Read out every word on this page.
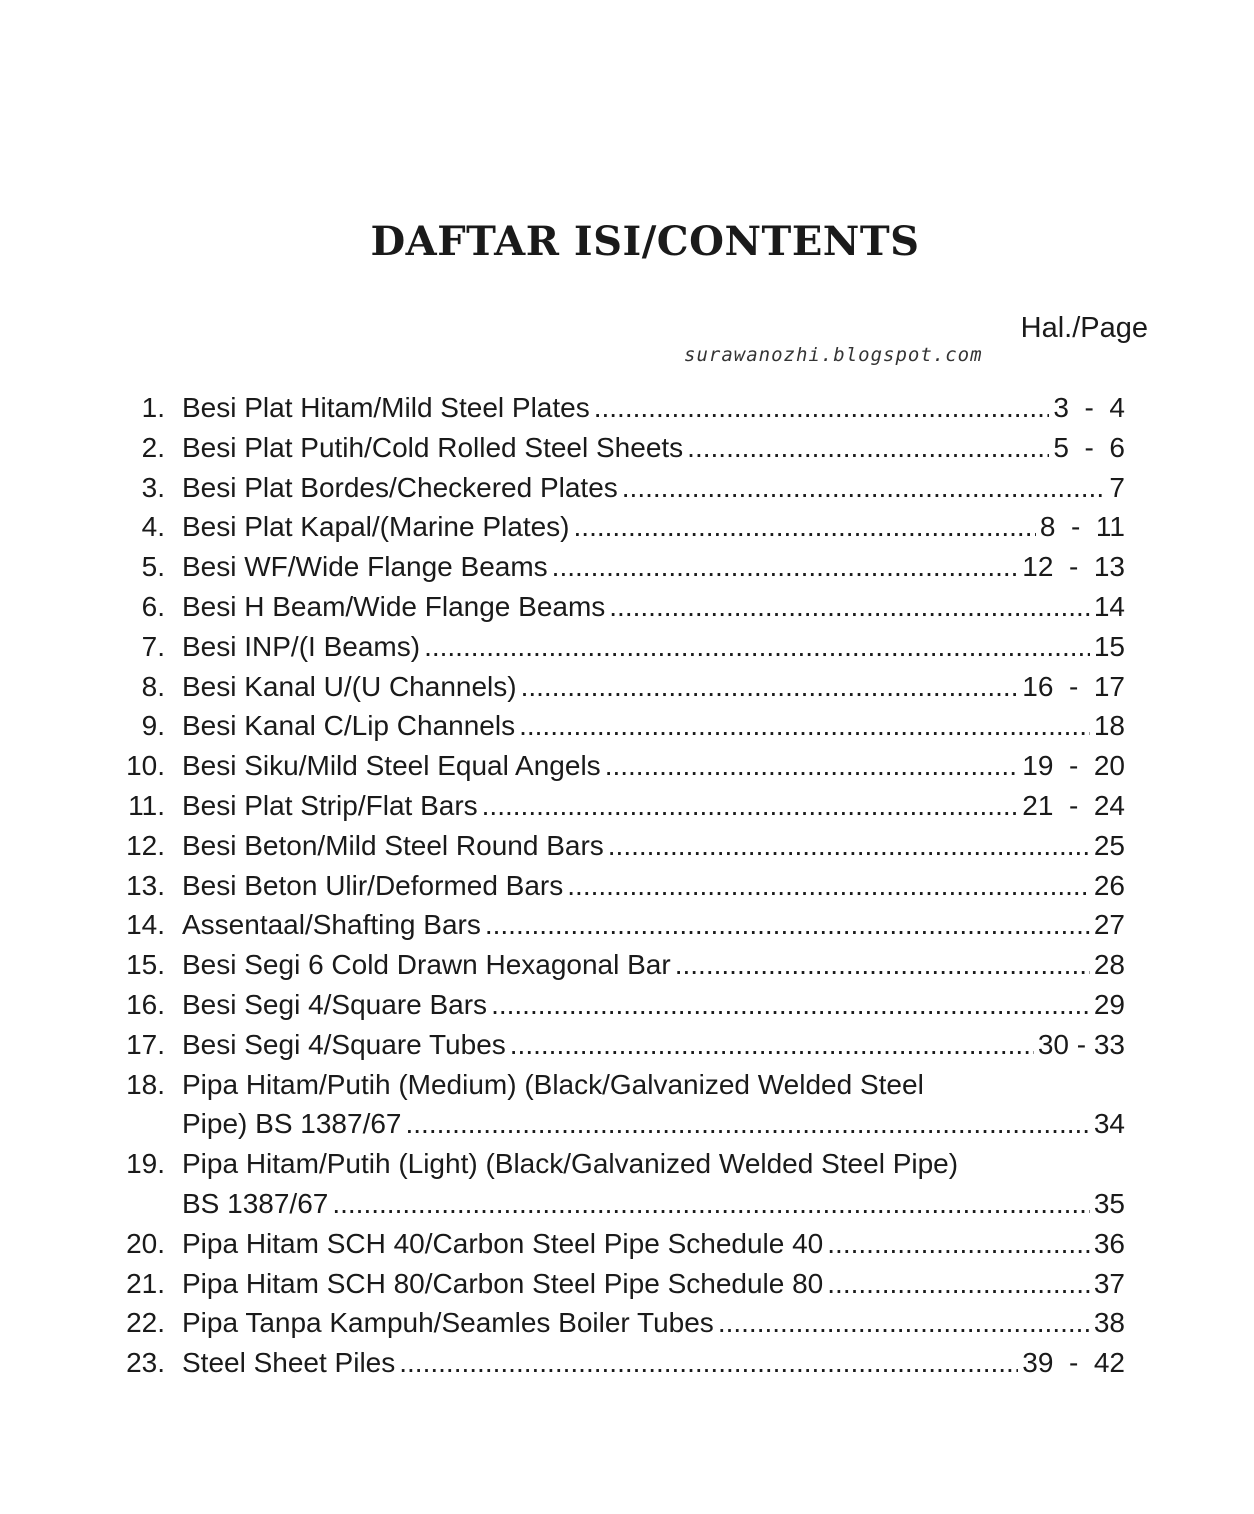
DAFTAR ISI/CONTENTS
Hal./Page
surawanozhi.blogspot.com
1. Besi Plat Hitam/Mild Steel Plates .....	3  -  4
2. Besi Plat Putih/Cold Rolled Steel Sheets .....	5  -  6
3. Besi Plat Bordes/Checkered Plates .....	7
4. Besi Plat Kapal/(Marine Plates) .....	8  -  11
5. Besi WF/Wide Flange Beams .....	12  -  13
6. Besi H Beam/Wide Flange Beams .....	14
7. Besi INP/(I Beams) .....	15
8. Besi Kanal U/(U Channels) .....	16  -  17
9. Besi Kanal C/Lip Channels .....	18
10. Besi Siku/Mild Steel Equal Angels .....	19  -  20
11. Besi Plat Strip/Flat Bars .....	21  -  24
12. Besi Beton/Mild Steel Round Bars .....	25
13. Besi Beton Ulir/Deformed Bars .....	26
14. Assentaal/Shafting Bars .....	27
15. Besi Segi 6 Cold Drawn Hexagonal Bar .....	28
16. Besi Segi 4/Square Bars .....	29
17. Besi Segi 4/Square Tubes .....	30 - 33
18. Pipa Hitam/Putih (Medium) (Black/Galvanized Welded Steel
Pipe) BS 1387/67 .....	34
19. Pipa Hitam/Putih (Light) (Black/Galvanized Welded Steel Pipe)
BS 1387/67 .....	35
20. Pipa Hitam SCH 40/Carbon Steel Pipe Schedule 40 .....	36
21. Pipa Hitam SCH 80/Carbon Steel Pipe Schedule 80 .....	37
22. Pipa Tanpa Kampuh/Seamles Boiler Tubes .....	38
23. Steel Sheet Piles .....	39  -  42
